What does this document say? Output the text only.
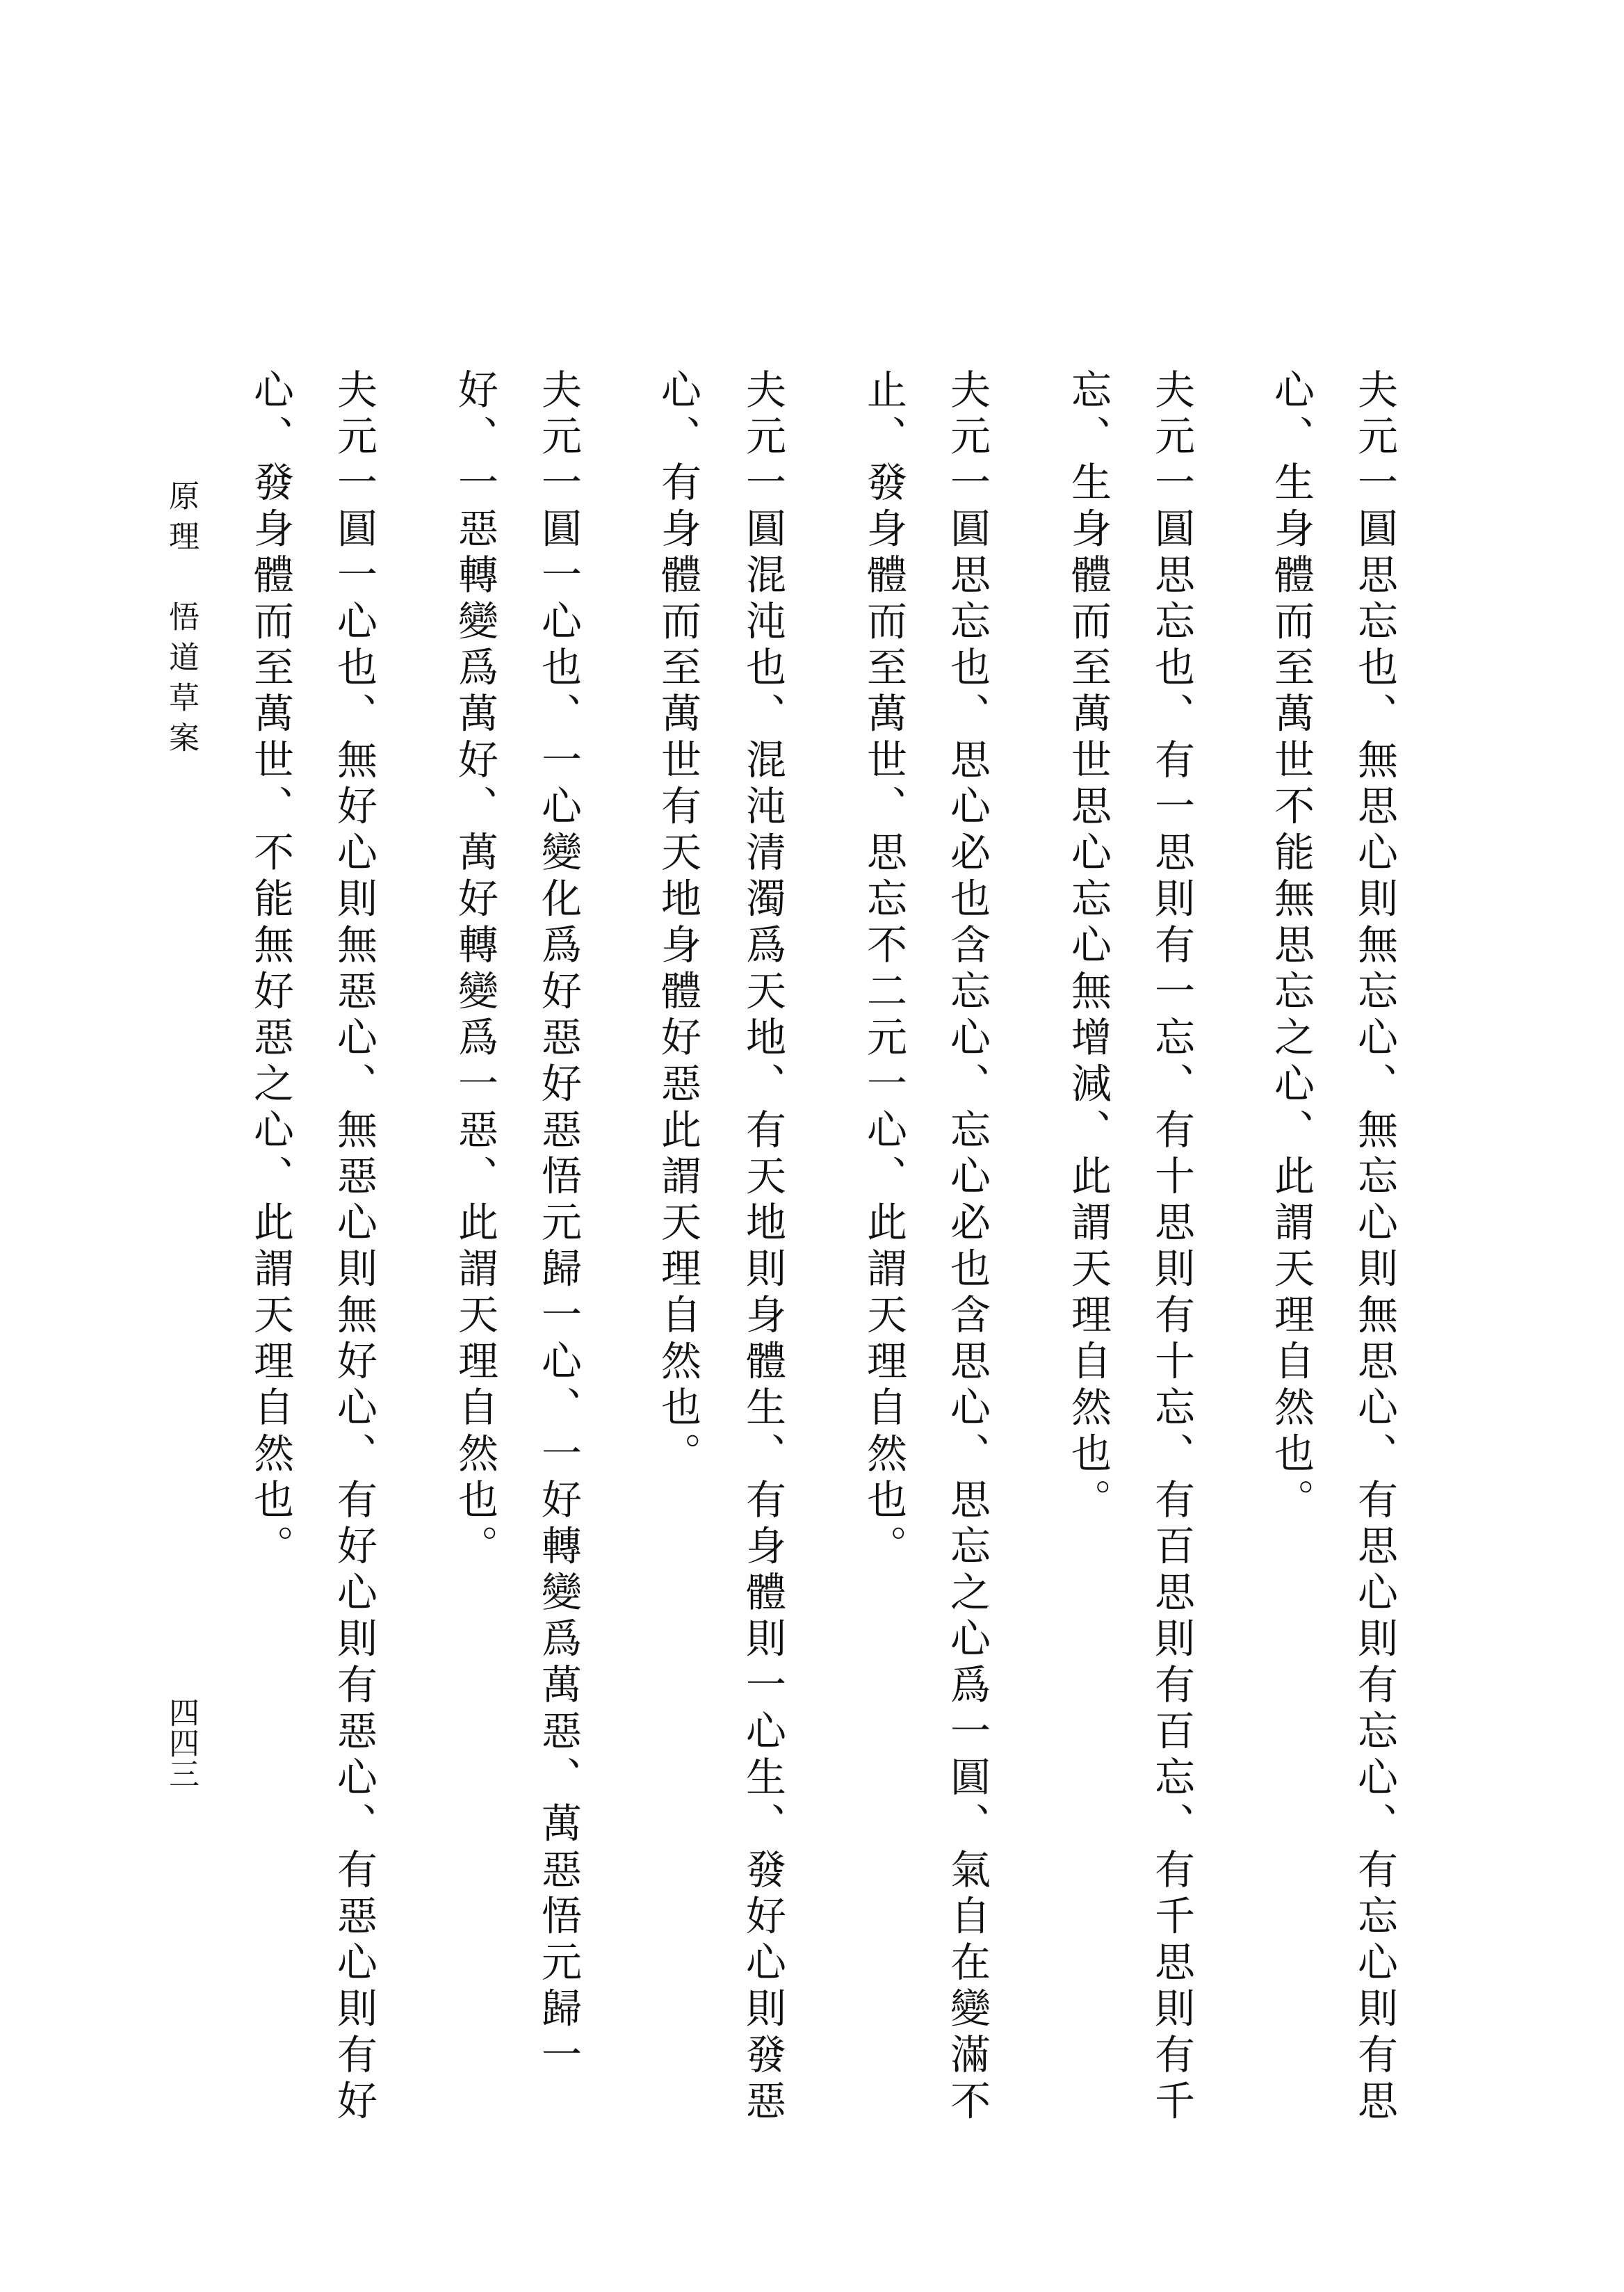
夫元一圓思忘也、無思心則無忘心、無忘心則無思心、有思心則有忘心、有忘心則有思
心、生身體而至萬世不能無思忘之心、此謂天理自然也。
夫元一圓思忘也、有一思則有一忘、有十思則有十忘、有百思則有百忘、有千思則有千
忘、生身體而至萬世思心忘心無增減、此謂天理自然也。
夫元一圓思忘也、思心必也含忘心、忘心必也含思心、思忘之心爲一圓、氣自在變滿不
止、發身體而至萬世、思忘不二元一心、此謂天理自然也。
夫元一圓混沌也、混沌清濁爲天地、有天地則身體生、有身體則一心生、發好心則發惡
心、有身體而至萬世有天地身體好惡此謂天理自然也。
夫元一圓一心也、一心變化爲好惡好惡悟元歸一心、一好轉變爲萬惡、萬惡悟元歸一
好、一惡轉變爲萬好、萬好轉變爲一惡、此謂天理自然也。
夫元一圓一心也、無好心則無惡心、無惡心則無好心、有好心則有惡心、有惡心則有好
心、發身體而至萬世、不能無好惡之心、此謂天理自然也。
原理　悟道草案
四四三
